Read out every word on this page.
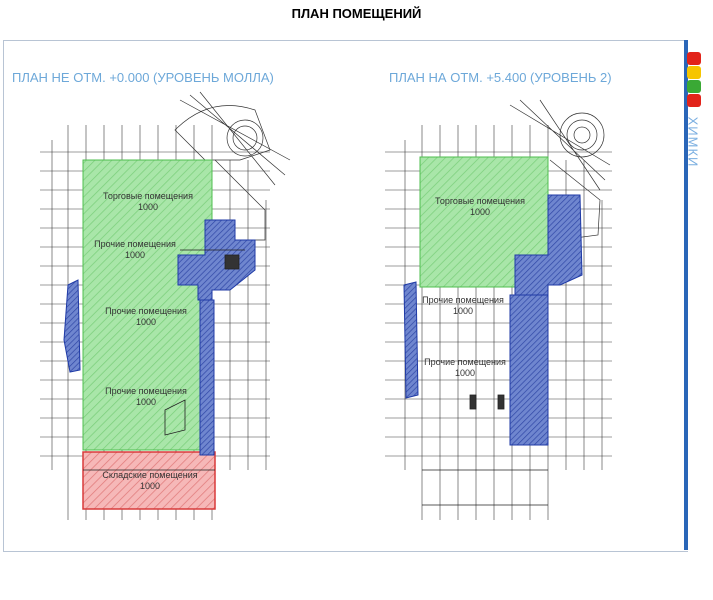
ПЛАН ПОМЕЩЕНИЙ
ХИМКИ
ПЛАН НЕ ОТМ. +0.000 (УРОВЕНЬ МОЛЛА)	ПЛАН НА ОТМ. +5.400 (УРОВЕНЬ 2)
Торговые помещения
1000
Прочие помещения
1000
Прочие помещения
1000
Прочие помещения
1000
Складские помещения
1000
Торговые помещения
1000
Прочие помещения
1000
Прочие помещения
1000
